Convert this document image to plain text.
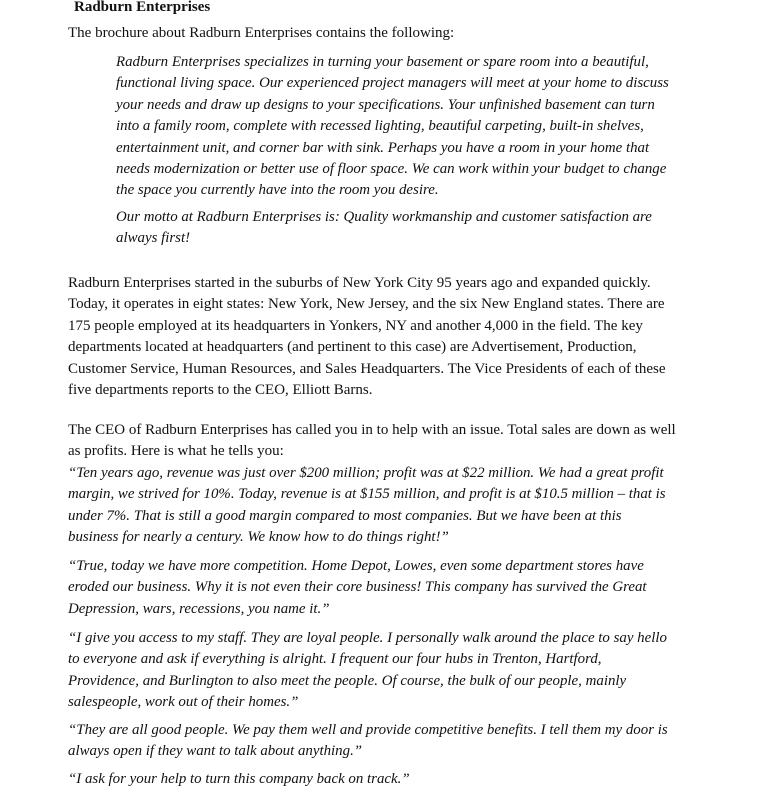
Radburn Enterprises

The brochure about Radburn Enterprises contains the following:

Radburn Enterprises specializes in turning your basement or spare room into a beautiful,
functional living space. Our experienced project managers will meet at your home to discuss
your needs and draw up designs to your specifications. Your unfinished basement can turn
into a family room, complete with recessed lighting, beautiful carpeting, built-in shelves,
entertainment unit, and corner bar with sink. Perhaps you have a room in your home that
needs modernization or better use of floor space. We can work within your budget to change
the space you currently have into the room you desire.
Our motto at Radburn Enterprises is: Quality workmanship and customer satisfaction are
always first!
Radburn Enterprises started in the suburbs of New York City 95 years ago and expanded quickly.
Today, it operates in eight states: New York, New Jersey, and the six New England states. There are
175 people employed at its headquarters in Yonkers, NY and another 4,000 in the field. The key
departments located at headquarters (and pertinent to this case) are Advertisement, Production,
Customer Service, Human Resources, and Sales Headquarters. The Vice Presidents of each of these
five departments reports to the CEO, Elliott Barns.
The CEO of Radburn Enterprises has called you in to help with an issue. Total sales are down as well
as profits. Here is what he tells you:
“Ten years ago, revenue was just over $200 million; profit was at $22 million. We had a great profit
margin, we strived for 10%. Today, revenue is at $155 million, and profit is at $10.5 million – that is
under 7%. That is still a good margin compared to most companies. But we have been at this
business for nearly a century. We know how to do things right!”
“True, today we have more competition. Home Depot, Lowes, even some department stores have
eroded our business. Why it is not even their core business! This company has survived the Great
Depression, wars, recessions, you name it.”
“I give you access to my staff. They are loyal people. I personally walk around the place to say hello
to everyone and ask if everything is alright. I frequent our four hubs in Trenton, Hartford,
Providence, and Burlington to also meet the people. Of course, the bulk of our people, mainly
salespeople, work out of their homes.”
“They are all good people. We pay them well and provide competitive benefits. I tell them my door is
always open if they want to talk about anything.”
“I ask for your help to turn this company back on track.”
